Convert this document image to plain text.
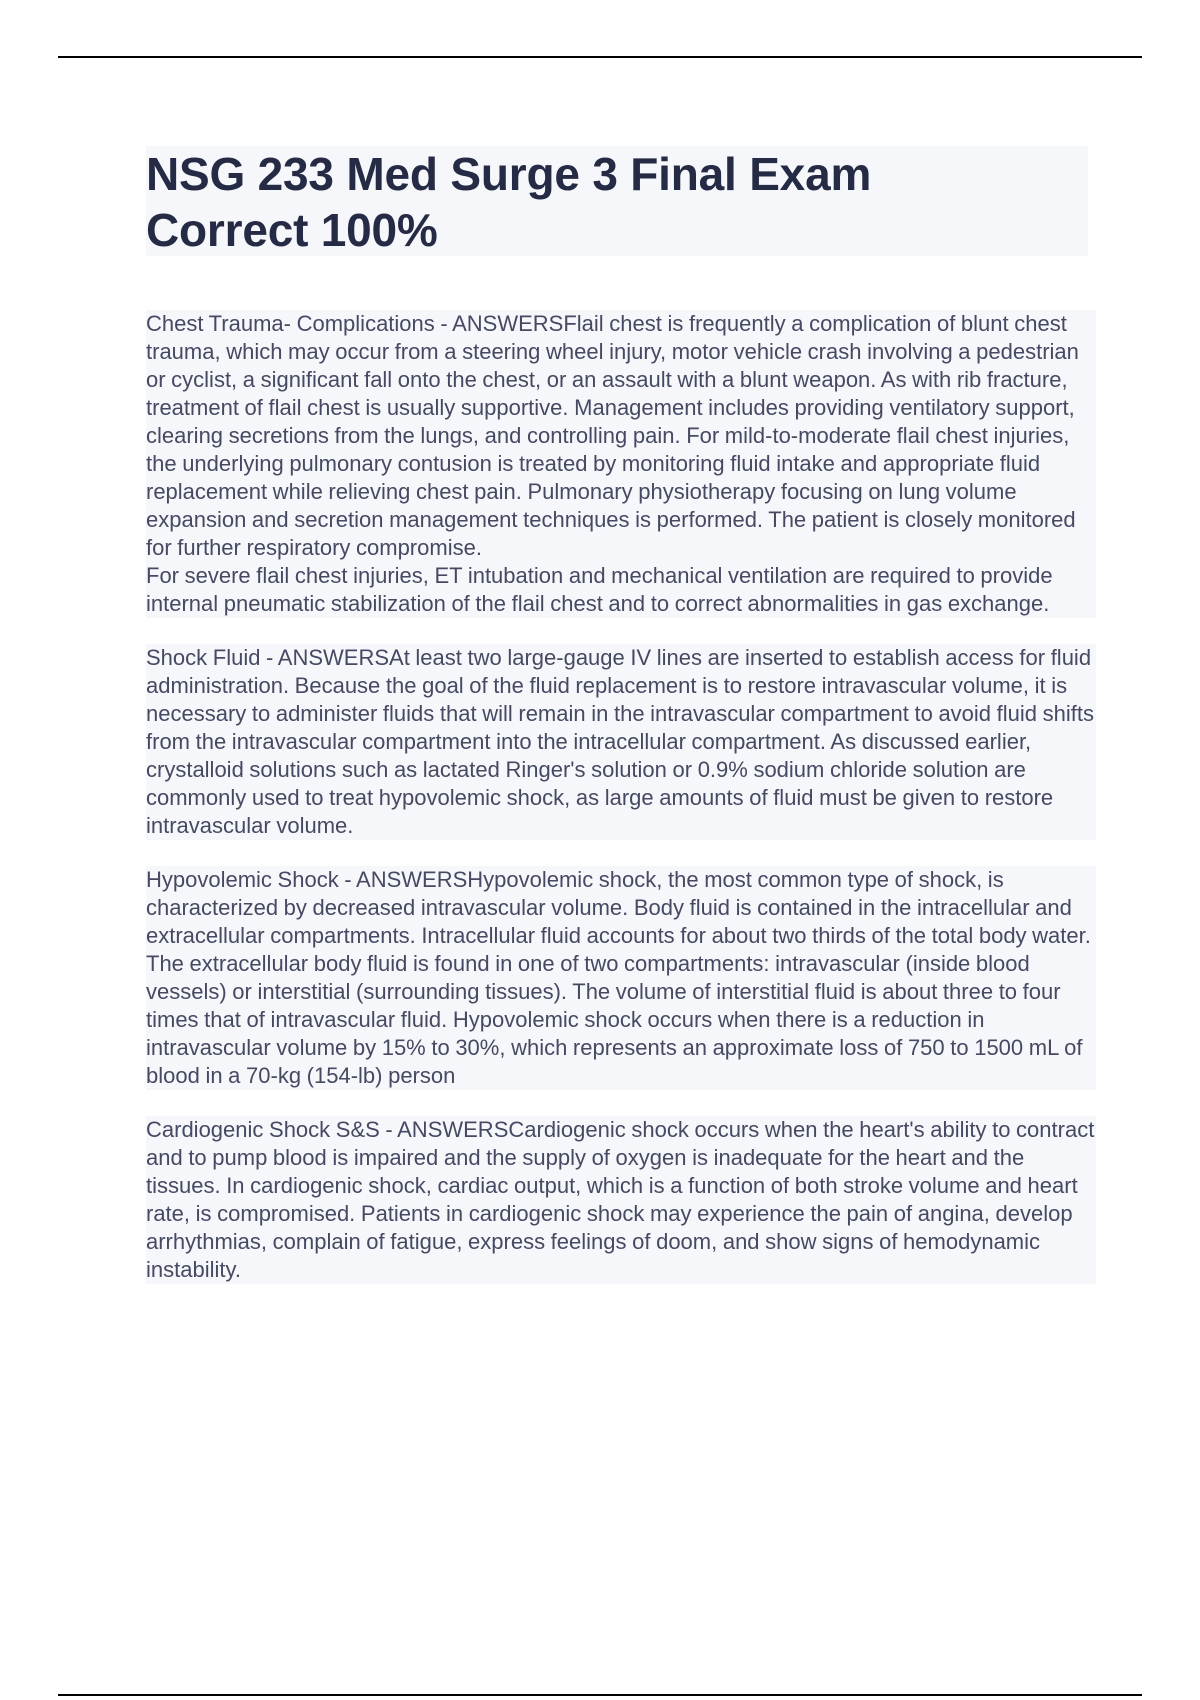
NSG 233 Med Surge 3 Final Exam
Correct 100%
Chest Trauma- Complications - ANSWERSFlail chest is frequently a complication of blunt chest trauma, which may occur from a steering wheel injury, motor vehicle crash involving a pedestrian or cyclist, a significant fall onto the chest, or an assault with a blunt weapon. As with rib fracture, treatment of flail chest is usually supportive. Management includes providing ventilatory support, clearing secretions from the lungs, and controlling pain. For mild-to-moderate flail chest injuries, the underlying pulmonary contusion is treated by monitoring fluid intake and appropriate fluid replacement while relieving chest pain. Pulmonary physiotherapy focusing on lung volume expansion and secretion management techniques is performed. The patient is closely monitored for further respiratory compromise.
For severe flail chest injuries, ET intubation and mechanical ventilation are required to provide internal pneumatic stabilization of the flail chest and to correct abnormalities in gas exchange.
Shock Fluid - ANSWERSAt least two large-gauge IV lines are inserted to establish access for fluid administration. Because the goal of the fluid replacement is to restore intravascular volume, it is necessary to administer fluids that will remain in the intravascular compartment to avoid fluid shifts from the intravascular compartment into the intracellular compartment. As discussed earlier, crystalloid solutions such as lactated Ringer's solution or 0.9% sodium chloride solution are commonly used to treat hypovolemic shock, as large amounts of fluid must be given to restore intravascular volume.
Hypovolemic Shock - ANSWERSHypovolemic shock, the most common type of shock, is characterized by decreased intravascular volume. Body fluid is contained in the intracellular and extracellular compartments. Intracellular fluid accounts for about two thirds of the total body water. The extracellular body fluid is found in one of two compartments: intravascular (inside blood vessels) or interstitial (surrounding tissues). The volume of interstitial fluid is about three to four times that of intravascular fluid. Hypovolemic shock occurs when there is a reduction in intravascular volume by 15% to 30%, which represents an approximate loss of 750 to 1500 mL of blood in a 70-kg (154-lb) person
Cardiogenic Shock S&S - ANSWERSCardiogenic shock occurs when the heart's ability to contract and to pump blood is impaired and the supply of oxygen is inadequate for the heart and the tissues. In cardiogenic shock, cardiac output, which is a function of both stroke volume and heart rate, is compromised. Patients in cardiogenic shock may experience the pain of angina, develop arrhythmias, complain of fatigue, express feelings of doom, and show signs of hemodynamic instability.
